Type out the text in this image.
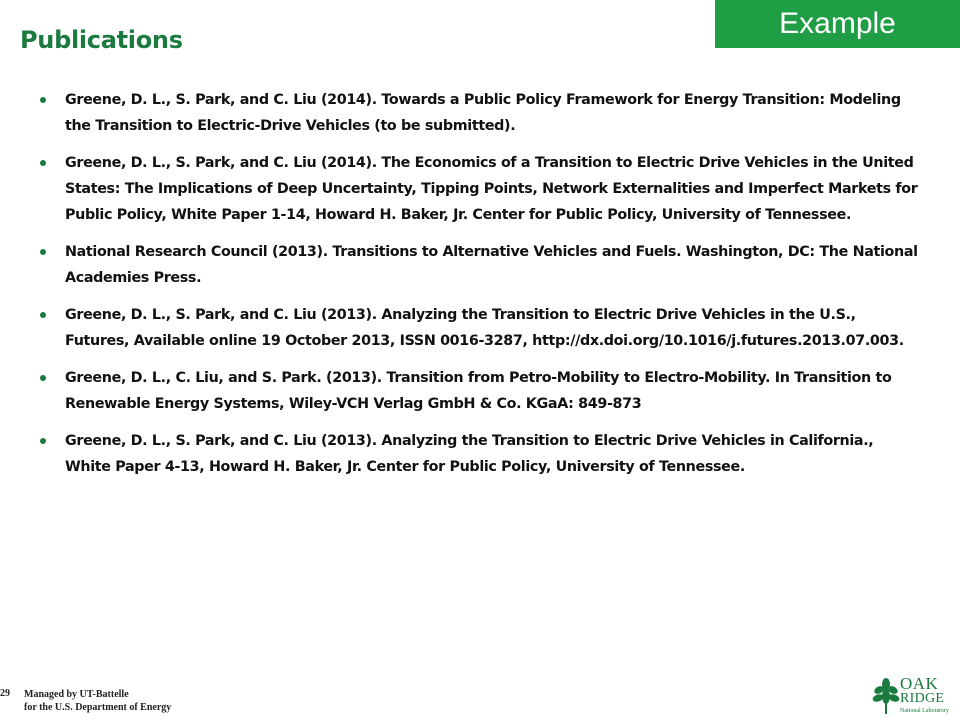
Example
Publications
Greene, D. L., S. Park, and C. Liu (2014). Towards a Public Policy Framework for Energy Transition: Modeling the Transition to Electric-Drive Vehicles (to be submitted).
Greene, D. L., S. Park, and C. Liu (2014). The Economics of a Transition to Electric Drive Vehicles in the United States: The Implications of Deep Uncertainty, Tipping Points, Network Externalities and Imperfect Markets for Public Policy, White Paper 1-14, Howard H. Baker, Jr. Center for Public Policy, University of Tennessee.
National Research Council (2013). Transitions to Alternative Vehicles and Fuels. Washington, DC: The National Academies Press.
Greene, D. L., S. Park, and C. Liu (2013). Analyzing the Transition to Electric Drive Vehicles in the U.S., Futures, Available online 19 October 2013, ISSN 0016-3287, http://dx.doi.org/10.1016/j.futures.2013.07.003.
Greene, D. L., C. Liu, and S. Park. (2013). Transition from Petro-Mobility to Electro-Mobility. In Transition to Renewable Energy Systems, Wiley-VCH Verlag GmbH & Co. KGaA: 849-873
Greene, D. L., S. Park, and C. Liu (2013). Analyzing the Transition to Electric Drive Vehicles in California., White Paper 4-13, Howard H. Baker, Jr. Center for Public Policy, University of Tennessee.
29 Managed by UT-Battelle
for the U.S. Department of Energy
OAK
RIDGE
National Laboratory
